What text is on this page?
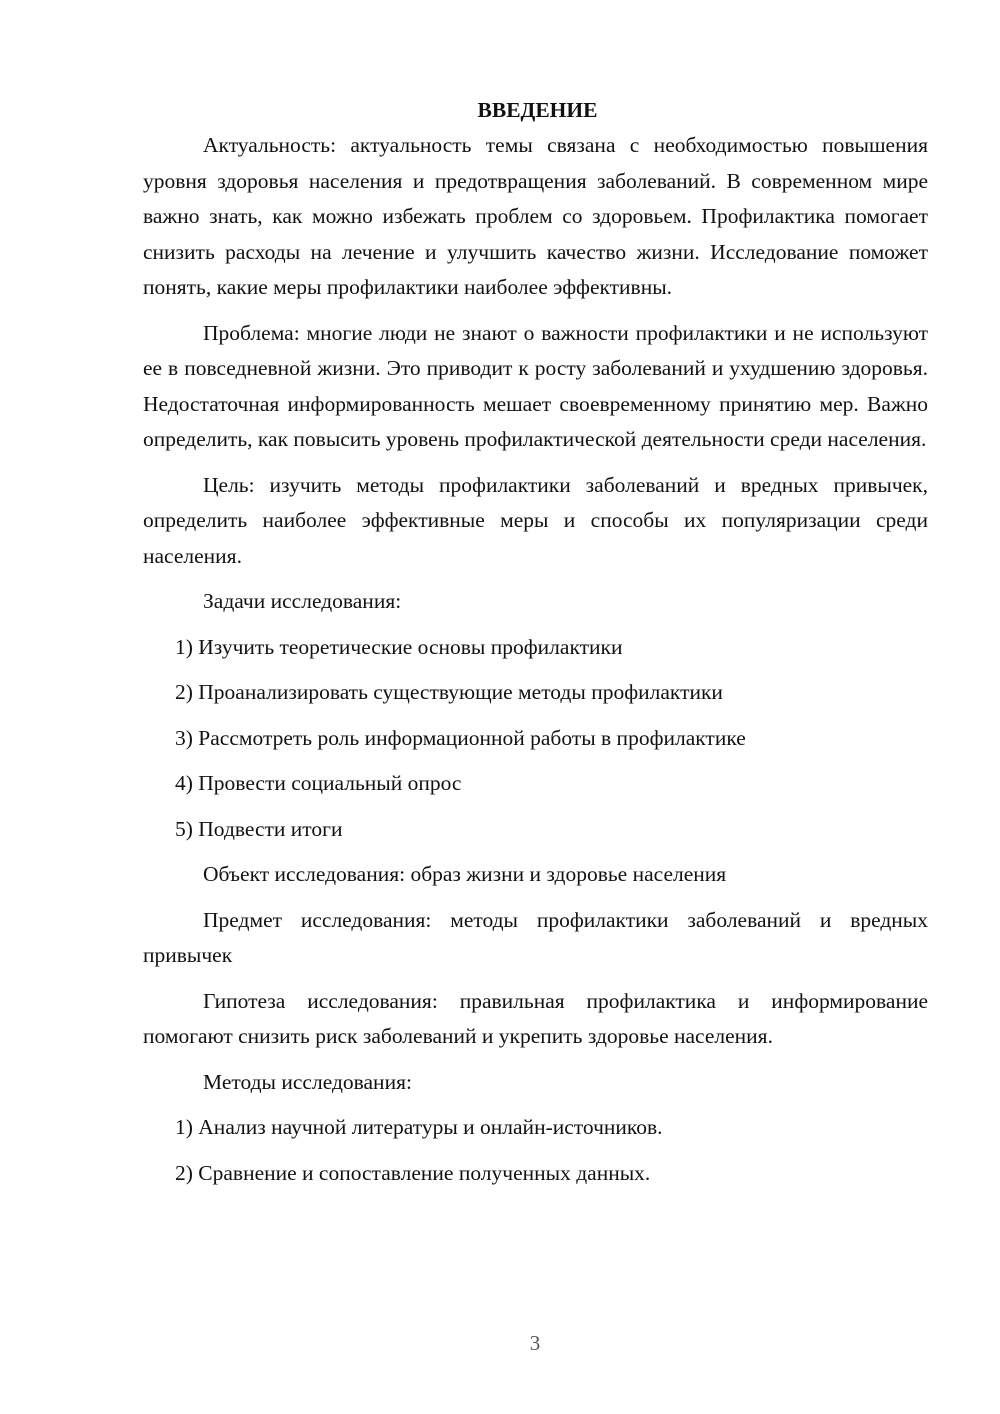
ВВЕДЕНИЕ

Актуальность: актуальность темы связана с необходимостью повышения уровня здоровья населения и предотвращения заболеваний. В современном мире важно знать, как можно избежать проблем со здоровьем. Профилактика помогает снизить расходы на лечение и улучшить качество жизни. Исследование поможет понять, какие меры профилактики наиболее эффективны.

Проблема: многие люди не знают о важности профилактики и не используют ее в повседневной жизни. Это приводит к росту заболеваний и ухудшению здоровья. Недостаточная информированность мешает своевременному принятию мер. Важно определить, как повысить уровень профилактической деятельности среди населения.

Цель: изучить методы профилактики заболеваний и вредных привычек, определить наиболее эффективные меры и способы их популяризации среди населения.

Задачи исследования:

1) Изучить теоретические основы профилактики
2) Проанализировать существующие методы профилактики
3) Рассмотреть роль информационной работы в профилактике
4) Провести социальный опрос
5) Подвести итоги

Объект исследования: образ жизни и здоровье населения

Предмет исследования: методы профилактики заболеваний и вредных привычек

Гипотеза исследования: правильная профилактика и информирование помогают снизить риск заболеваний и укрепить здоровье населения.

Методы исследования:

1) Анализ научной литературы и онлайн-источников.
2) Сравнение и сопоставление полученных данных.
3
